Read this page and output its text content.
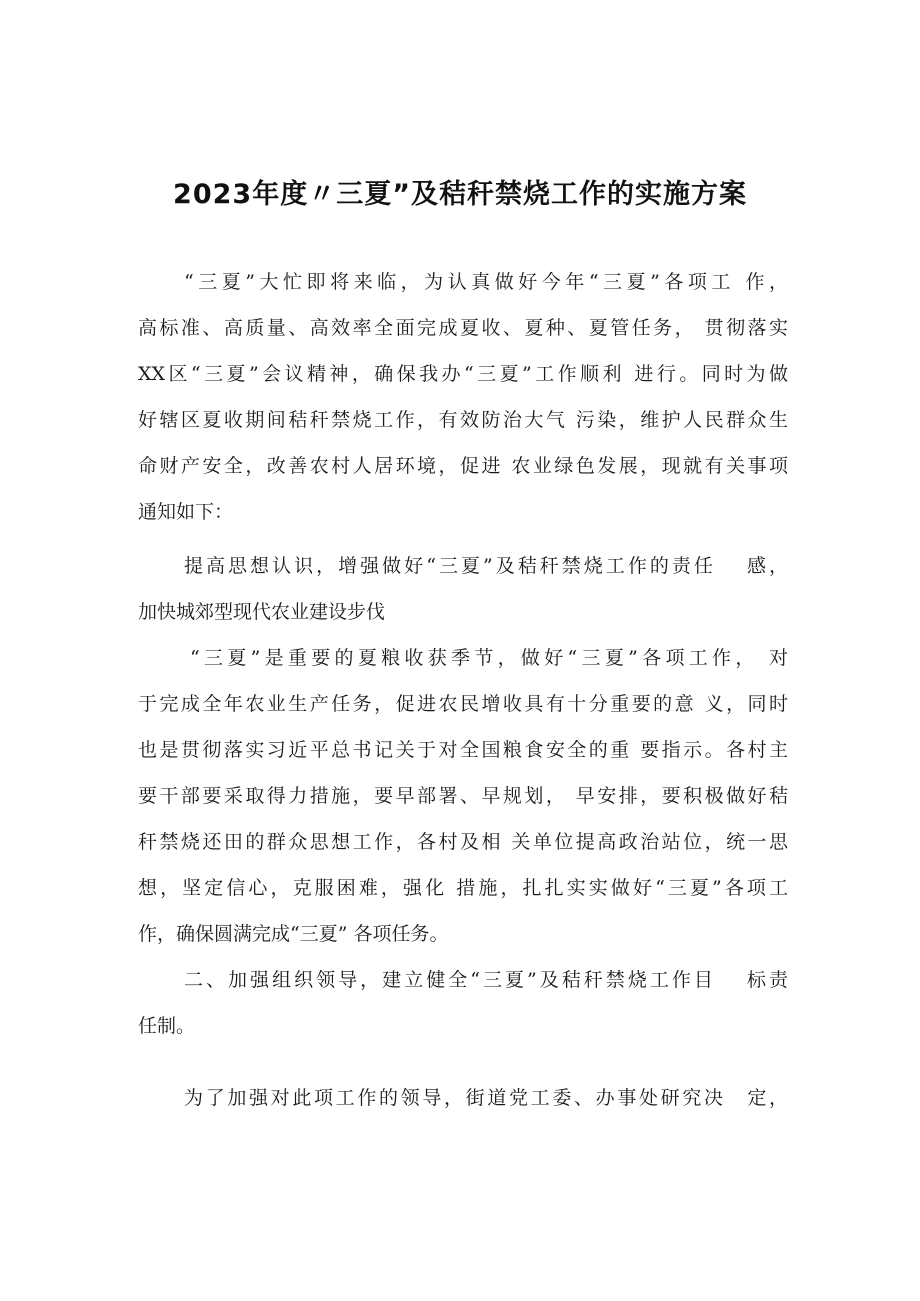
2023年度〃三夏”及秸秆禁烧工作的实施方案
“三夏”大忙即将来临，为认真做好今年“三夏”各项工 作，
高标准、高质量、高效率全面完成夏收、夏种、夏管任务， 贯彻落实
XX区“三夏”会议精神，确保我办“三夏”工作顺利 进行。同时为做
好辖区夏收期间秸秆禁烧工作，有效防治大气 污染，维护人民群众生
命财产安全，改善农村人居环境，促进 农业绿色发展，现就有关事项
通知如下：
提高思想认识，增强做好“三夏”及秸秆禁烧工作的责任　 感，
加快城郊型现代农业建设步伐
“三夏”是重要的夏粮收获季节，做好“三夏”各项工作， 对
于完成全年农业生产任务，促进农民增收具有十分重要的意 义，同时
也是贯彻落实习近平总书记关于对全国粮食安全的重 要指示。各村主
要干部要采取得力措施，要早部署、早规划， 早安排，要积极做好秸
秆禁烧还田的群众思想工作，各村及相 关单位提高政治站位，统一思
想，坚定信心，克服困难，强化 措施，扎扎实实做好“三夏”各项工
作，确保圆满完成“三夏” 各项任务。
二、加强组织领导，建立健全“三夏”及秸秆禁烧工作目　 标责
任制。
为了加强对此项工作的领导，街道党工委、办事处研究决　定，
